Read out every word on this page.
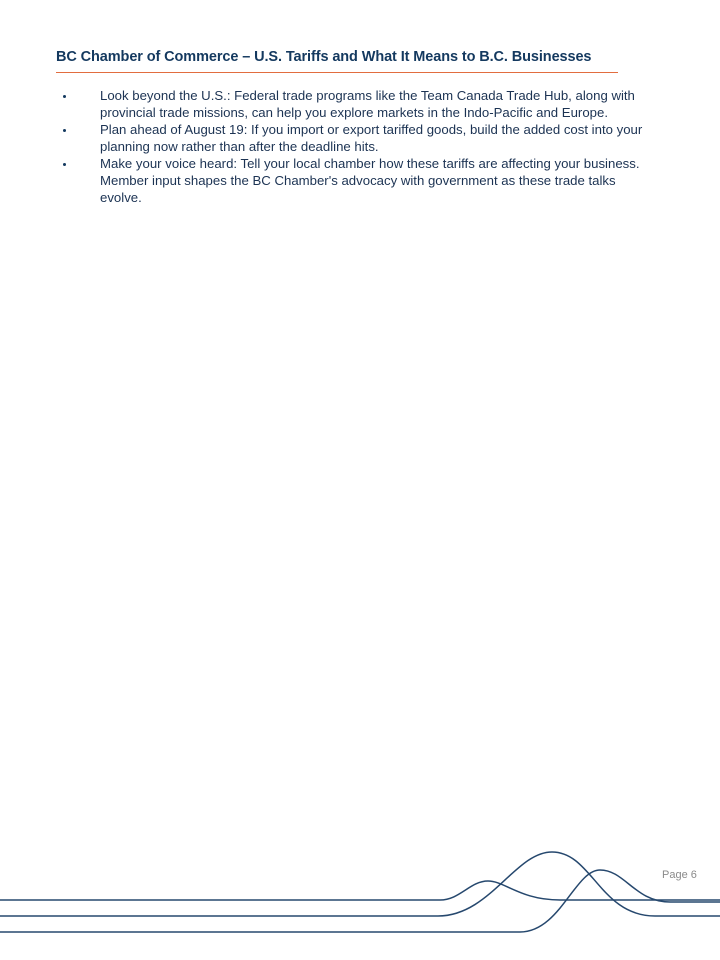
BC Chamber of Commerce – U.S. Tariffs and What It Means to B.C. Businesses
Look beyond the U.S.: Federal trade programs like the Team Canada Trade Hub, along with provincial trade missions, can help you explore markets in the Indo-Pacific and Europe.
Plan ahead of August 19: If you import or export tariffed goods, build the added cost into your planning now rather than after the deadline hits.
Make your voice heard: Tell your local chamber how these tariffs are affecting your business. Member input shapes the BC Chamber's advocacy with government as these trade talks evolve.
Page 6
